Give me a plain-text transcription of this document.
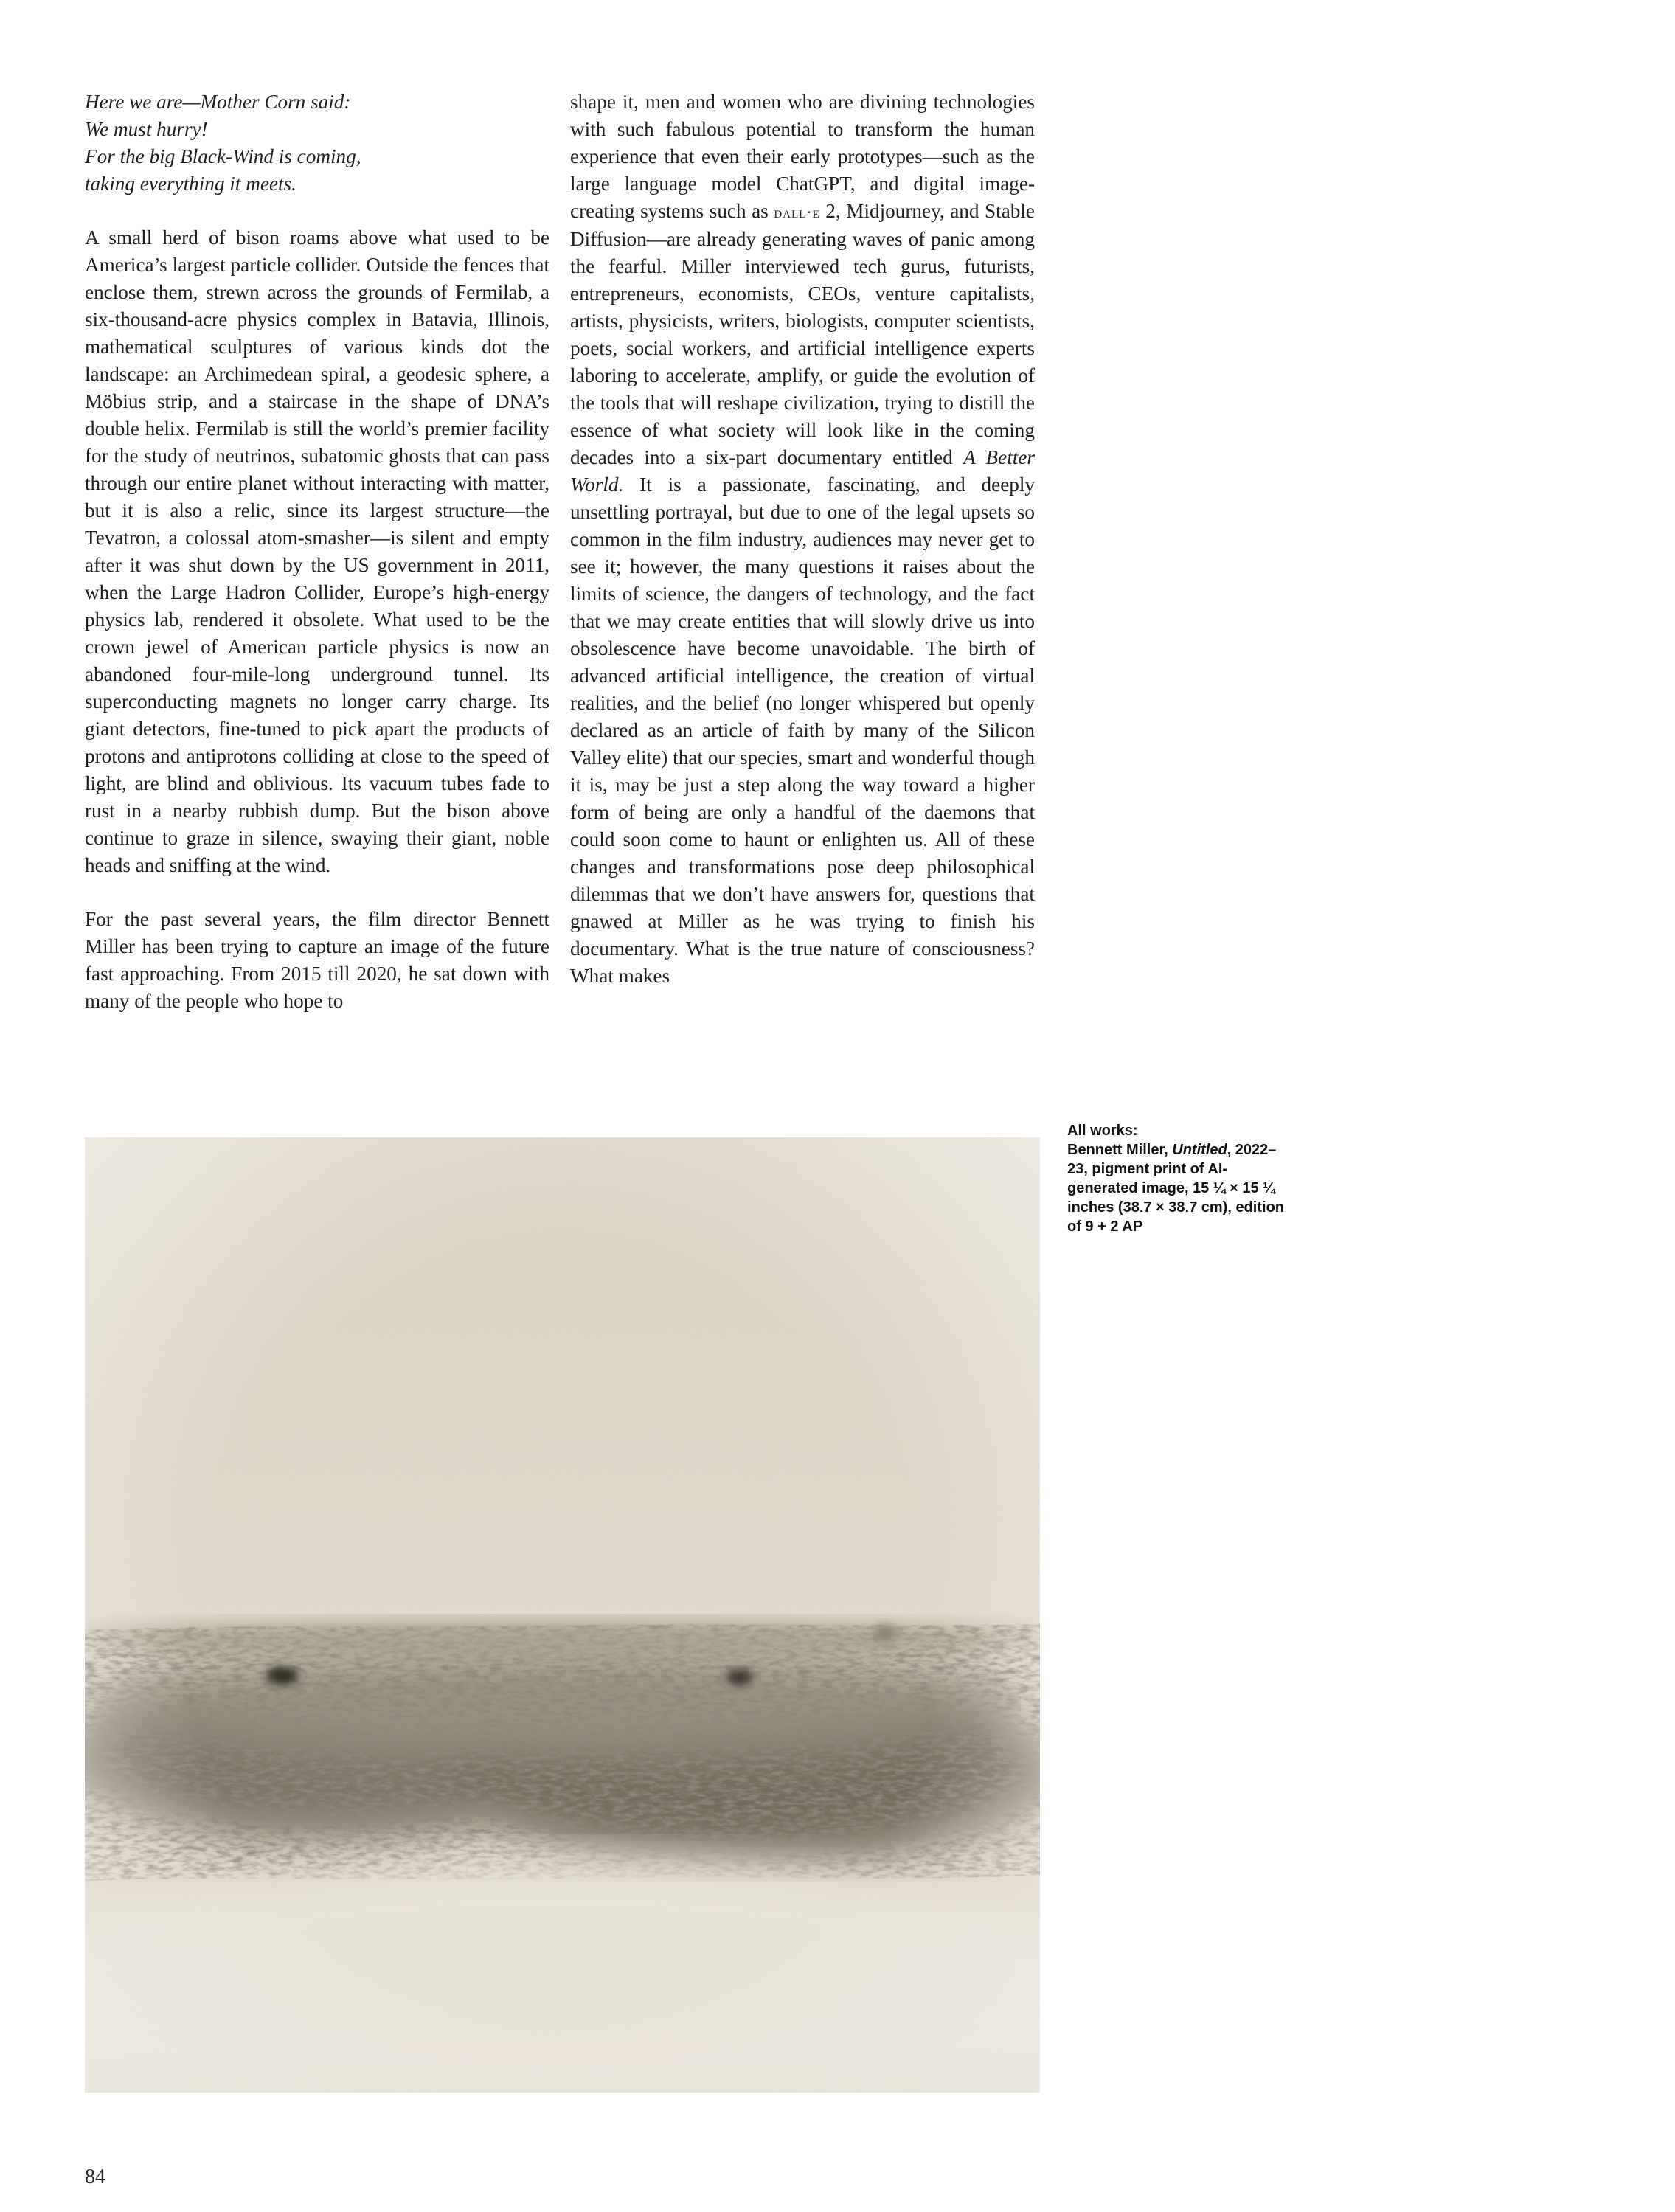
Here we are—Mother Corn said:
We must hurry!
For the big Black-Wind is coming,
taking everything it meets.

A small herd of bison roams above what used to be America’s largest particle collider. Outside the fences that enclose them, strewn across the grounds of Fermilab, a six-thousand-acre physics complex in Batavia, Illinois, mathematical sculptures of various kinds dot the landscape: an Archimedean spiral, a geodesic sphere, a Möbius strip, and a staircase in the shape of DNA’s double helix. Fermilab is still the world’s premier facility for the study of neutrinos, subatomic ghosts that can pass through our entire planet without interacting with matter, but it is also a relic, since its largest structure—the Tevatron, a colossal atom-smasher—is silent and empty after it was shut down by the US government in 2011, when the Large Hadron Collider, Europe’s high-energy physics lab, rendered it obsolete. What used to be the crown jewel of American particle physics is now an abandoned four-mile-long underground tunnel. Its superconducting magnets no longer carry charge. Its giant detectors, fine-tuned to pick apart the products of protons and antiprotons colliding at close to the speed of light, are blind and oblivious. Its vacuum tubes fade to rust in a nearby rubbish dump. But the bison above continue to graze in silence, swaying their giant, noble heads and sniffing at the wind.

For the past several years, the film director Bennett Miller has been trying to capture an image of the future fast approaching. From 2015 till 2020, he sat down with many of the people who hope to

shape it, men and women who are divining technologies with such fabulous potential to transform the human experience that even their early prototypes—such as the large language model ChatGPT, and digital image-creating systems such as dall·e 2, Midjourney, and Stable Diffusion—are already generating waves of panic among the fearful. Miller interviewed tech gurus, futurists, entrepreneurs, economists, CEOs, venture capitalists, artists, physicists, writers, biologists, computer scientists, poets, social workers, and artificial intelligence experts laboring to accelerate, amplify, or guide the evolution of the tools that will reshape civilization, trying to distill the essence of what society will look like in the coming decades into a six-part documentary entitled A Better World. It is a passionate, fascinating, and deeply unsettling portrayal, but due to one of the legal upsets so common in the film industry, audiences may never get to see it; however, the many questions it raises about the limits of science, the dangers of technology, and the fact that we may create entities that will slowly drive us into obsolescence have become unavoidable. The birth of advanced artificial intelligence, the creation of virtual realities, and the belief (no longer whispered but openly declared as an article of faith by many of the Silicon Valley elite) that our species, smart and wonderful though it is, may be just a step along the way toward a higher form of being are only a handful of the daemons that could soon come to haunt or enlighten us. All of these changes and transformations pose deep philosophical dilemmas that we don’t have answers for, questions that gnawed at Miller as he was trying to finish his documentary. What is the true nature of consciousness? What makes

All works:
Bennett Miller, Untitled, 2022–23, pigment print of AI-generated image, 15 ¼ × 15 ¼ inches (38.7 × 38.7 cm), edition of 9 + 2 AP
84
